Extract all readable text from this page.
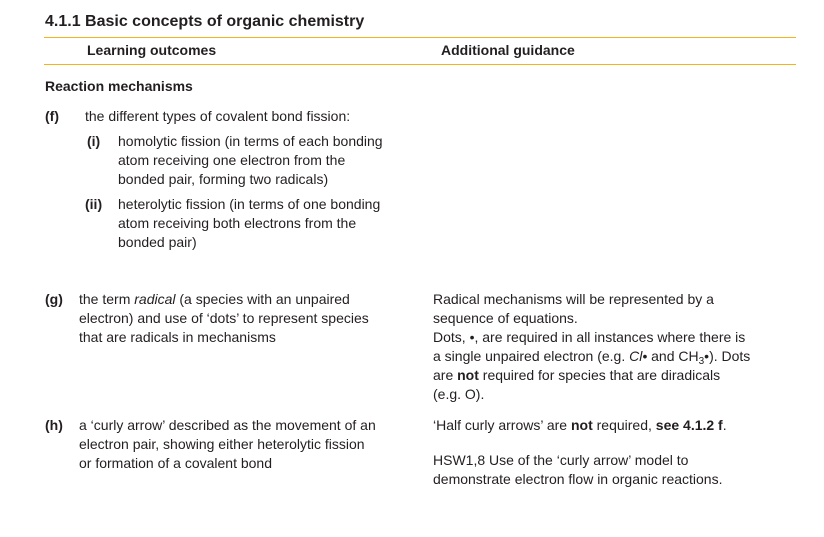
4.1.1 Basic concepts of organic chemistry
Learning outcomes	Additional guidance
Reaction mechanisms
(f) the different types of covalent bond fission:
(i) homolytic fission (in terms of each bonding
atom receiving one electron from the
bonded pair, forming two radicals)
(ii) heterolytic fission (in terms of one bonding
atom receiving both electrons from the
bonded pair)
(g) the term radical (a species with an unpaired
electron) and use of ‘dots’ to represent species
that are radicals in mechanisms
Radical mechanisms will be represented by a
sequence of equations.
Dots, •, are required in all instances where there is
a single unpaired electron (e.g. Cl• and $CH_3•$). Dots
are not required for species that are diradicals
(e.g. O).
(h) a ‘curly arrow’ described as the movement of an
electron pair, showing either heterolytic fission
or formation of a covalent bond
‘Half curly arrows’ are not required, see 4.1.2 f.
HSW1,8 Use of the ‘curly arrow’ model to
demonstrate electron flow in organic reactions.
